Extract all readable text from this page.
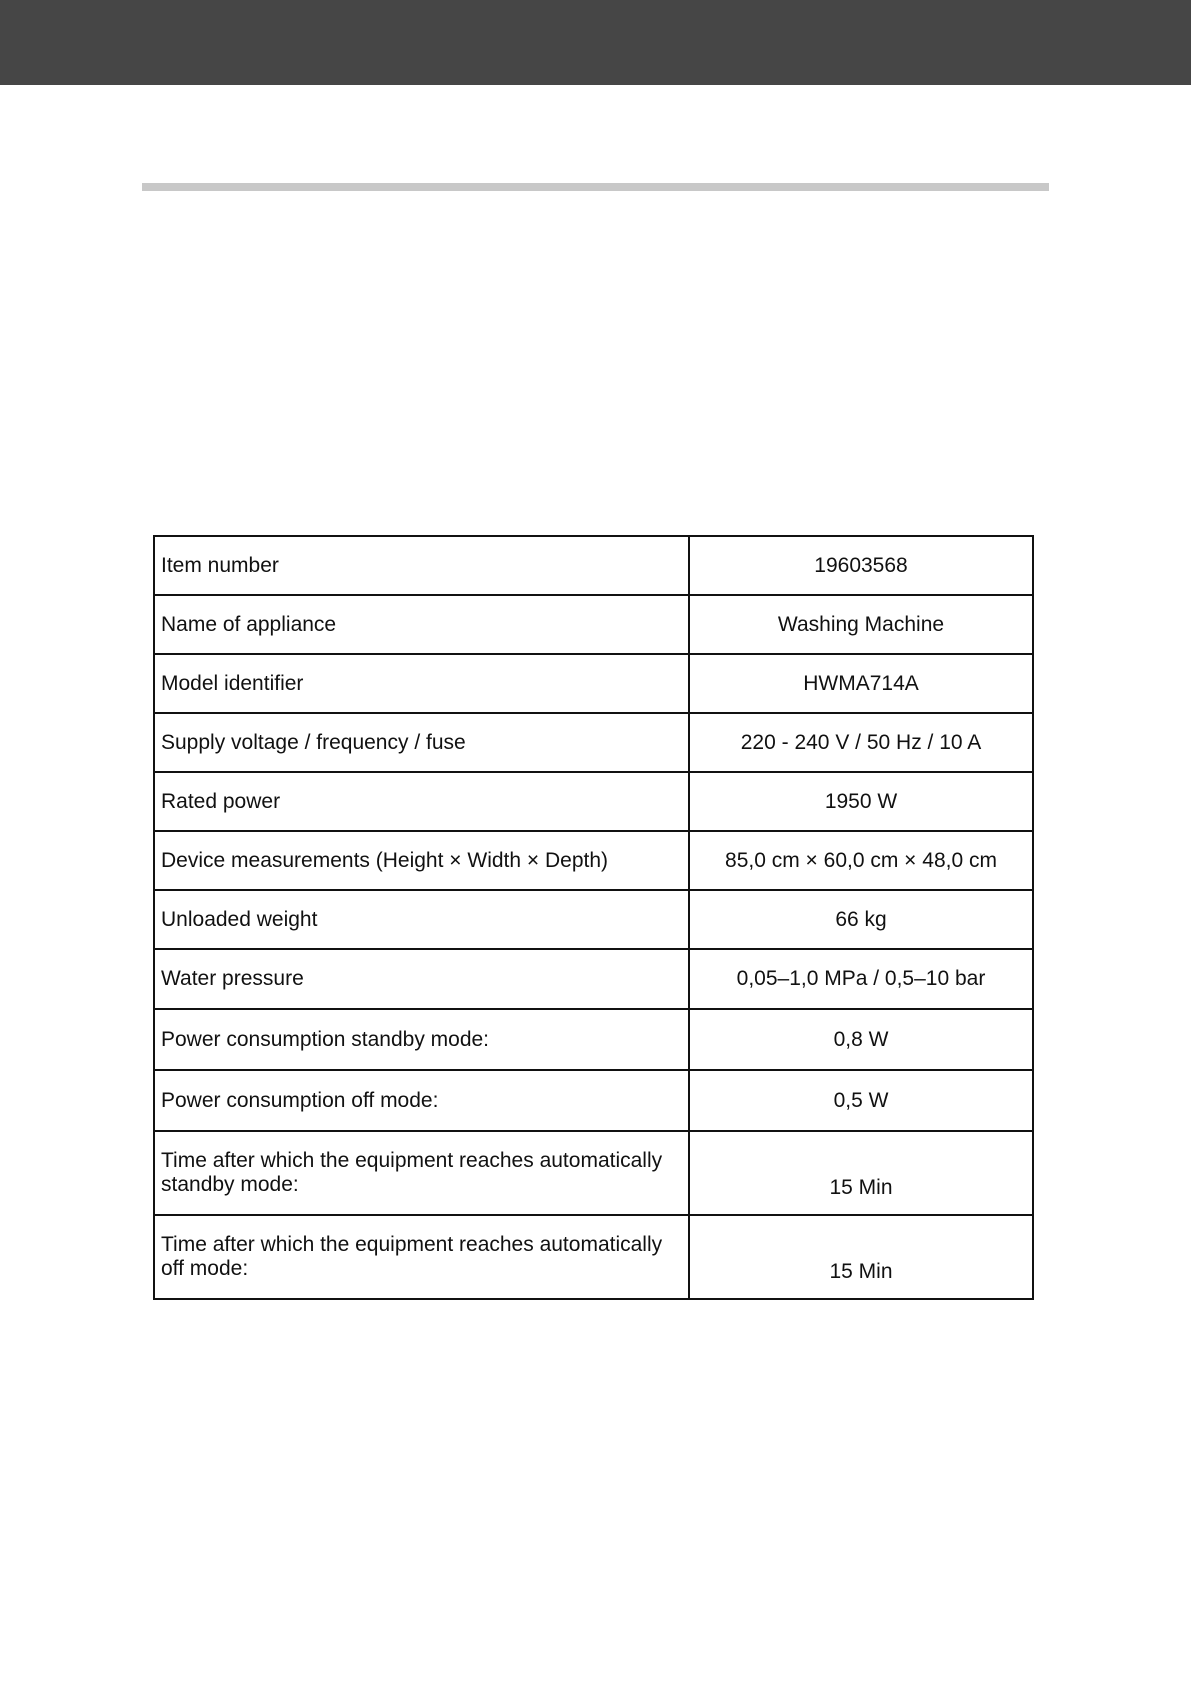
Item number	19603568
Name of appliance	Washing Machine
Model identifier	HWMA714A
Supply voltage / frequency / fuse	220 - 240 V / 50 Hz / 10 A
Rated power	1950 W
Device measurements (Height × Width × Depth)	85,0 cm × 60,0 cm × 48,0 cm
Unloaded weight	66 kg
Water pressure	0,05–1,0 MPa / 0,5–10 bar
Power consumption standby mode:	0,8 W
Power consumption off mode:	0,5 W
Time after which the equipment reaches automatically standby mode:	15 Min
Time after which the equipment reaches automatically off mode:	15 Min
